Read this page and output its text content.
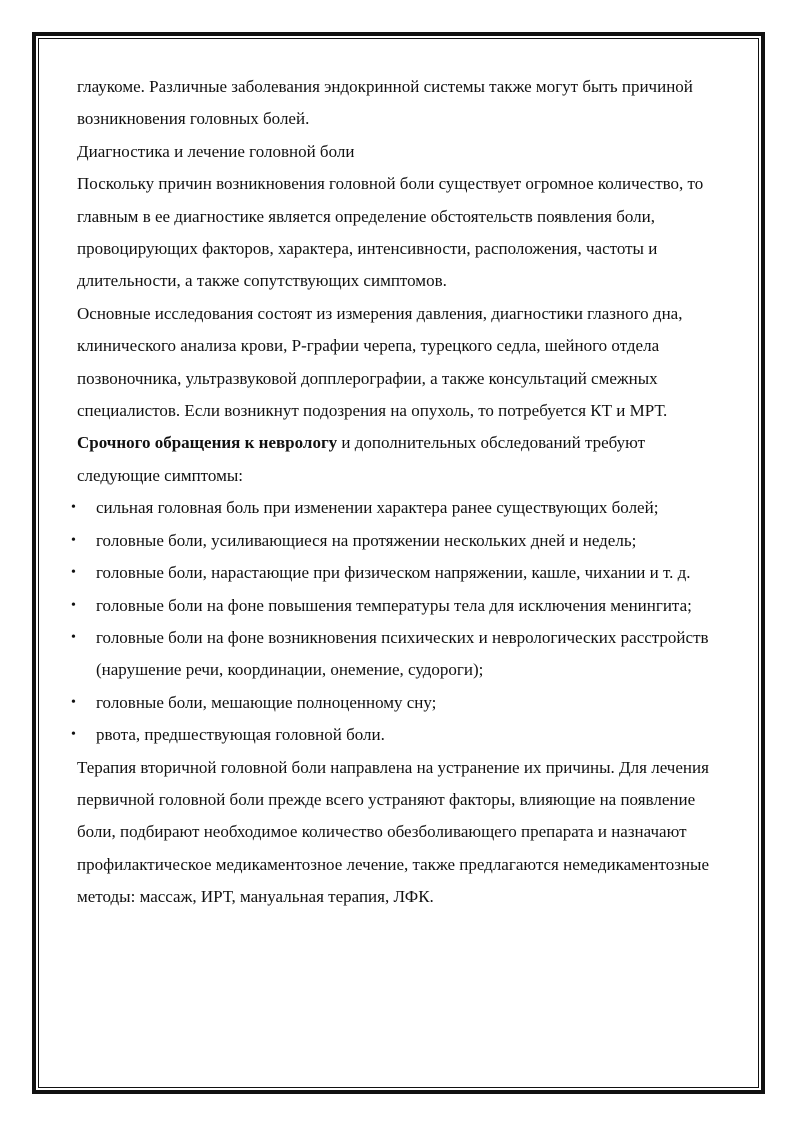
глаукоме. Различные заболевания эндокринной системы также могут быть причиной возникновения головных болей.

Диагностика и лечение головной боли

Поскольку причин возникновения головной боли существует огромное количество, то главным в ее диагностике является определение обстоятельств появления боли, провоцирующих факторов, характера, интенсивности, расположения, частоты и длительности, а также сопутствующих симптомов.

Основные исследования состоят из измерения давления, диагностики глазного дна, клинического анализа крови, Р-графии черепа, турецкого седла, шейного отдела позвоночника, ультразвуковой допплерографии, а также консультаций смежных специалистов. Если возникнут подозрения на опухоль, то потребуется КТ и МРТ.

Срочного обращения к неврологу и дополнительных обследований требуют следующие симптомы:

• сильная головная боль при изменении характера ранее существующих болей;
• головные боли, усиливающиеся на протяжении нескольких дней и недель;
• головные боли, нарастающие при физическом напряжении, кашле, чихании и т. д.
• головные боли на фоне повышения температуры тела для исключения менингита;
• головные боли на фоне возникновения психических и неврологических расстройств (нарушение речи, координации, онемение, судороги);
• головные боли, мешающие полноценному сну;
• рвота, предшествующая головной боли.

Терапия вторичной головной боли направлена на устранение их причины. Для лечения первичной головной боли прежде всего устраняют факторы, влияющие на появление боли, подбирают необходимое количество обезболивающего препарата и назначают профилактическое медикаментозное лечение, также предлагаются немедикаментозные методы: массаж, ИРТ, мануальная терапия, ЛФК.
